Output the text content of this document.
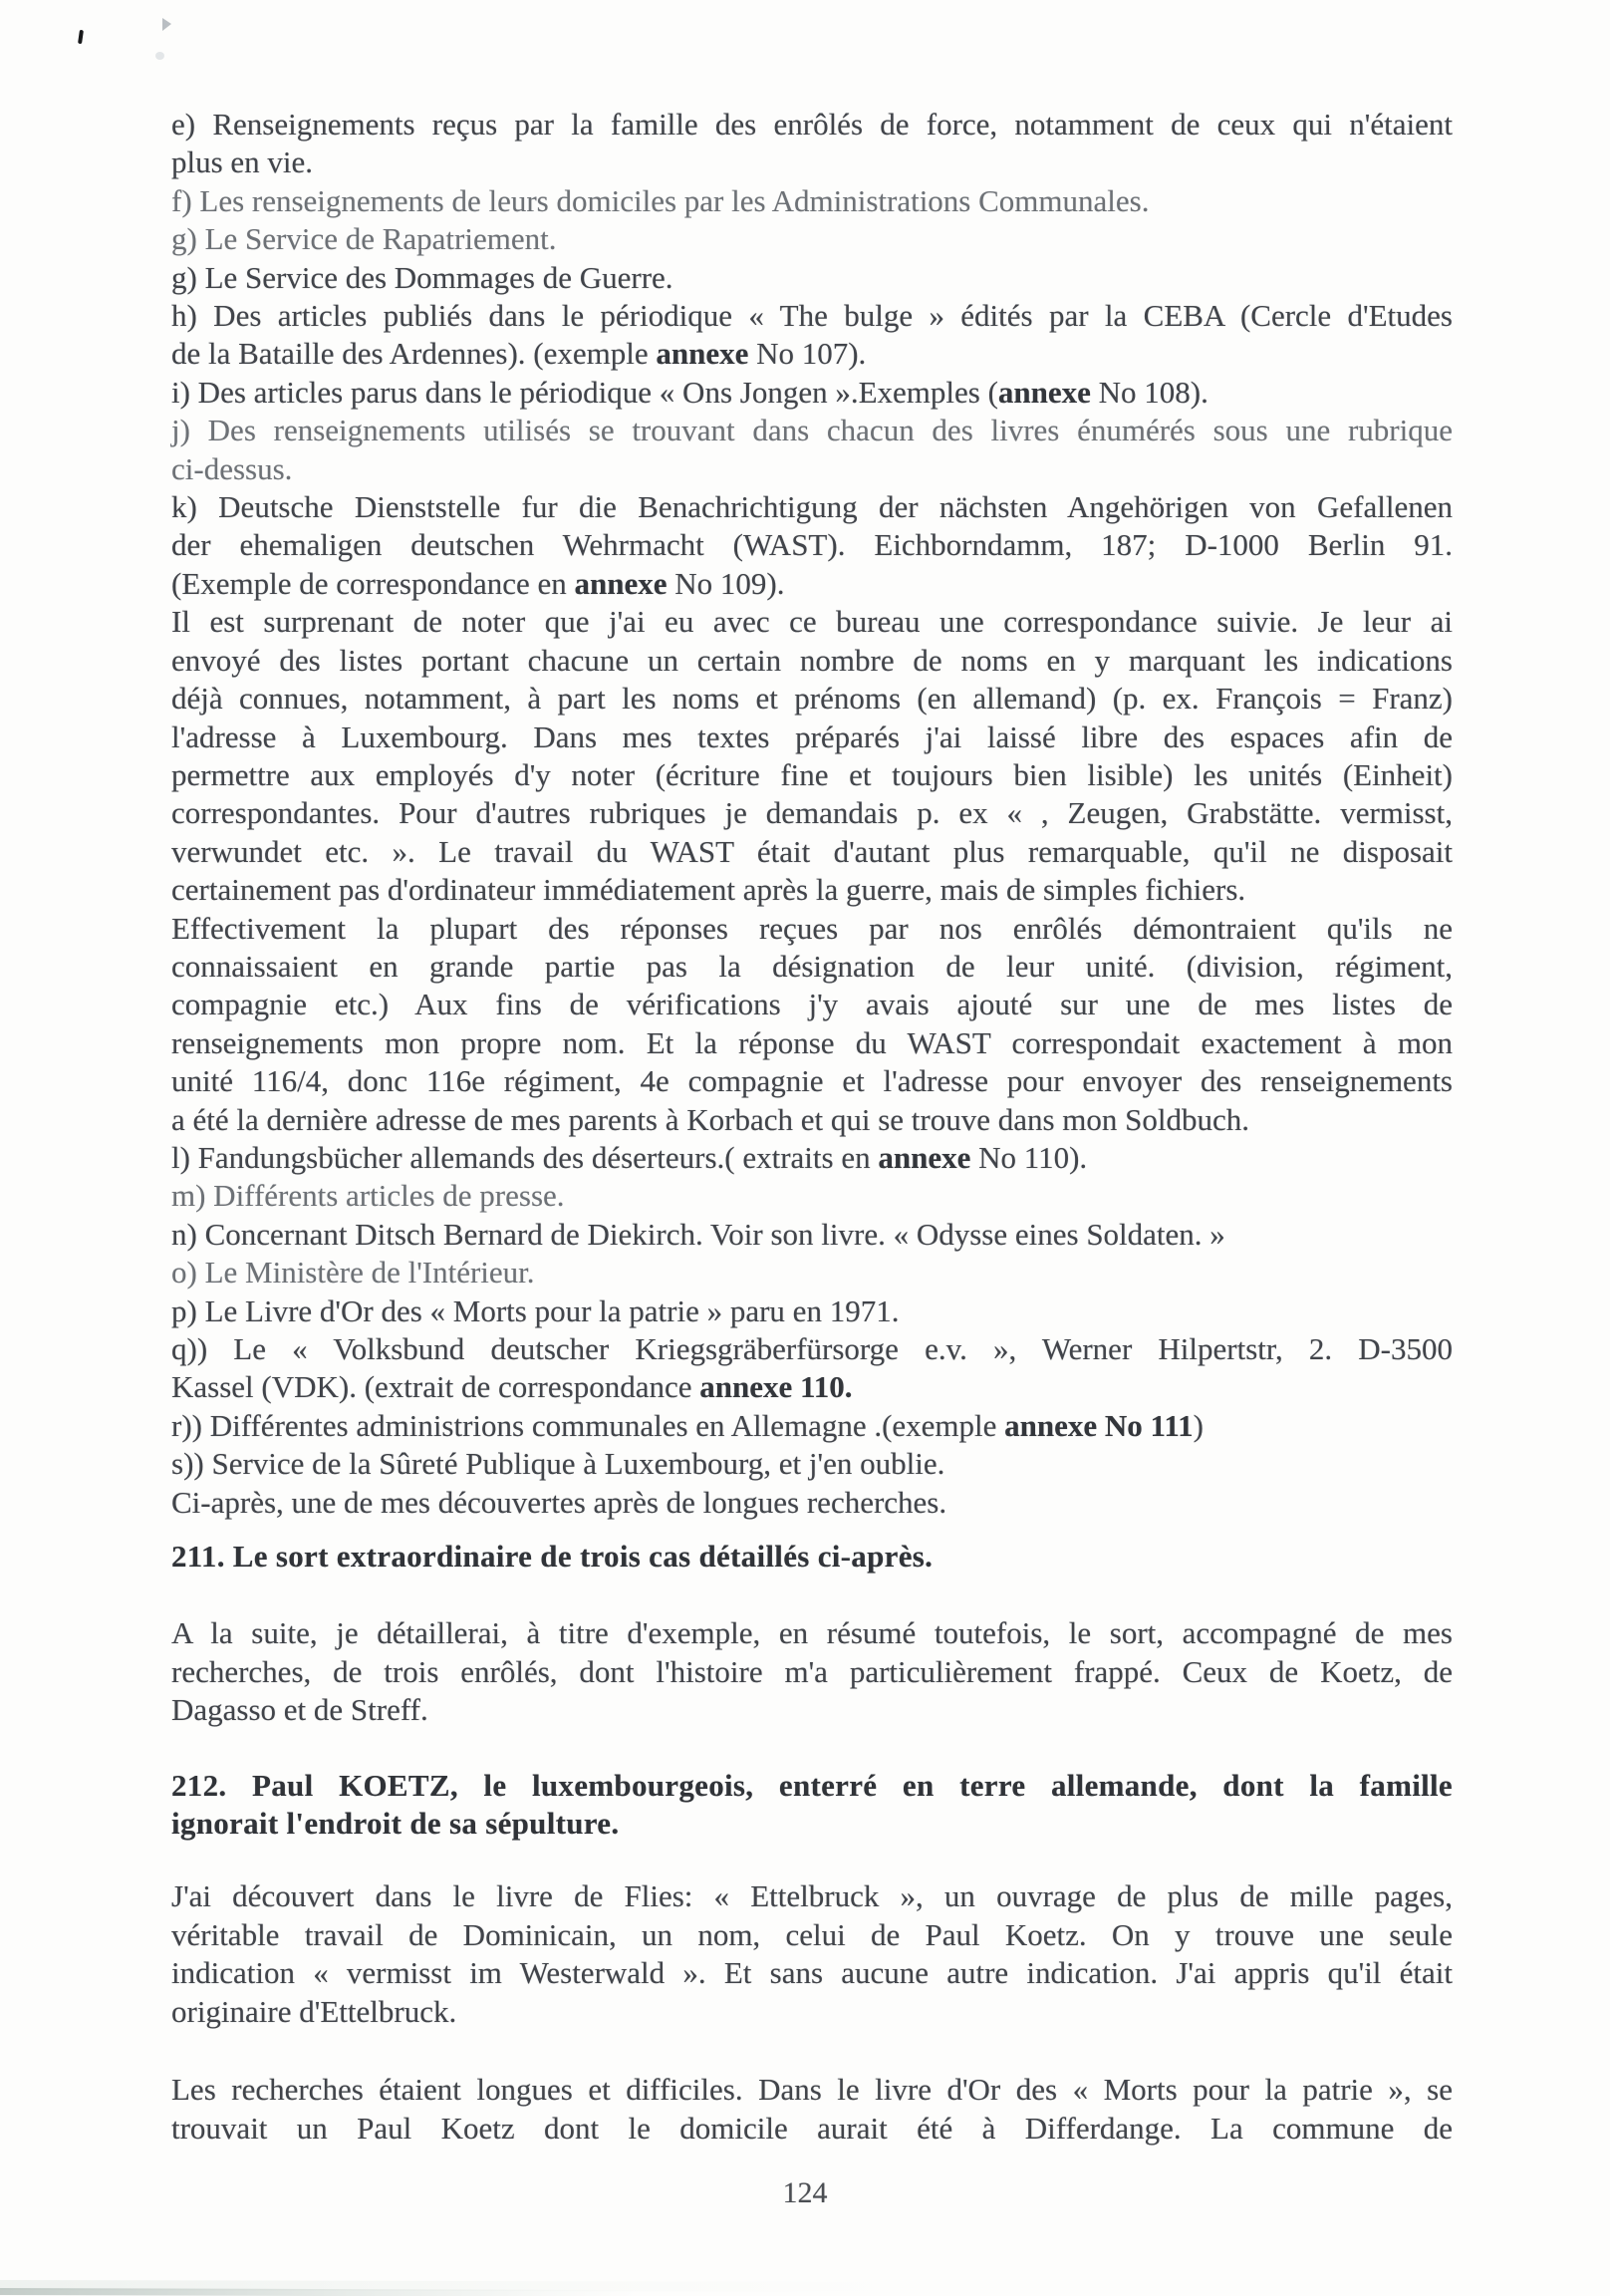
e) Renseignements reçus par la famille des enrôlés de force, notamment de ceux qui n'étaient
plus en vie.
f) Les renseignements de leurs domiciles par les Administrations Communales.
g) Le Service de Rapatriement.
g) Le Service des Dommages de Guerre.
h) Des articles publiés dans le périodique « The bulge » édités par la CEBA (Cercle d'Etudes
de la Bataille des Ardennes). (exemple annexe No 107).
i) Des articles parus dans le périodique « Ons Jongen ».Exemples (annexe No 108).
j) Des renseignements utilisés se trouvant dans chacun des livres énumérés sous une rubrique
ci-dessus.
k) Deutsche Dienststelle fur die Benachrichtigung der nächsten Angehörigen von Gefallenen
der ehemaligen deutschen Wehrmacht (WAST). Eichborndamm, 187; D-1000 Berlin 91.
(Exemple de correspondance en annexe No 109).
Il est surprenant de noter que j'ai eu avec ce bureau une correspondance suivie. Je leur ai
envoyé des listes portant chacune un certain nombre de noms en y marquant les indications
déjà connues, notamment, à part les noms et prénoms (en allemand) (p. ex. François = Franz)
l'adresse à Luxembourg. Dans mes textes préparés j'ai laissé libre des espaces afin de
permettre aux employés d'y noter (écriture fine et toujours bien lisible) les unités (Einheit)
correspondantes. Pour d'autres rubriques je demandais p. ex « , Zeugen, Grabstätte. vermisst,
verwundet etc. ». Le travail du WAST était d'autant plus remarquable, qu'il ne disposait
certainement pas d'ordinateur immédiatement après la guerre, mais de simples fichiers.
Effectivement la plupart des réponses reçues par nos enrôlés démontraient qu'ils ne
connaissaient en grande partie pas la désignation de leur unité. (division, régiment,
compagnie etc.) Aux fins de vérifications j'y avais ajouté sur une de mes listes de
renseignements mon propre nom. Et la réponse du WAST correspondait exactement à mon
unité 116/4, donc 116e régiment, 4e compagnie et l'adresse pour envoyer des renseignements
a été la dernière adresse de mes parents à Korbach et qui se trouve dans mon Soldbuch.
l) Fandungsbücher allemands des déserteurs.( extraits en annexe No 110).
m) Différents articles de presse.
n) Concernant Ditsch Bernard de Diekirch. Voir son livre. « Odysse eines Soldaten. »
o) Le Ministère de l'Intérieur.
p) Le Livre d'Or des « Morts pour la patrie » paru en 1971.
q)) Le « Volksbund deutscher Kriegsgräberfürsorge e.v. », Werner Hilpertstr, 2. D-3500
Kassel (VDK). (extrait de correspondance annexe 110.
r)) Différentes administrions communales en Allemagne .(exemple annexe No 111)
s)) Service de la Sûreté Publique à Luxembourg, et j'en oublie.
Ci-après, une de mes découvertes après de longues recherches.
211. Le sort extraordinaire de trois cas détaillés ci-après.
A la suite, je détaillerai, à titre d'exemple, en résumé toutefois, le sort, accompagné de mes
recherches, de trois enrôlés, dont l'histoire m'a particulièrement frappé. Ceux de Koetz, de
Dagasso et de Streff.
212. Paul KOETZ, le luxembourgeois, enterré en terre allemande, dont la famille
ignorait l'endroit de sa sépulture.
J'ai découvert dans le livre de Flies: « Ettelbruck », un ouvrage de plus de mille pages,
véritable travail de Dominicain, un nom, celui de Paul Koetz. On y trouve une seule
indication « vermisst im Westerwald ». Et sans aucune autre indication. J'ai appris qu'il était
originaire d'Ettelbruck.
Les recherches étaient longues et difficiles. Dans le livre d'Or des « Morts pour la patrie », se
trouvait un Paul Koetz dont le domicile aurait été à Differdange. La commune de
124
